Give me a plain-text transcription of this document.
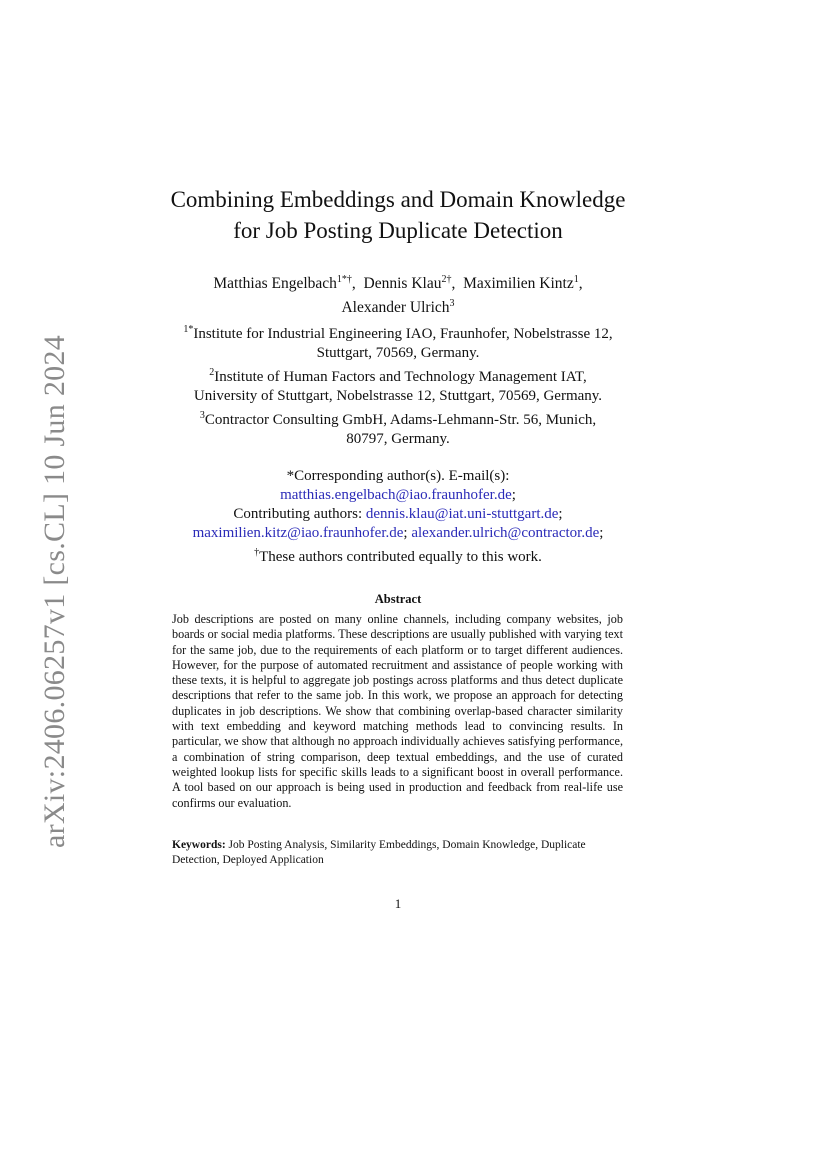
arXiv:2406.06257v1 [cs.CL] 10 Jun 2024
Combining Embeddings and Domain Knowledge
for Job Posting Duplicate Detection
Matthias Engelbach$^{1*\dagger}$,  Dennis Klau$^{2\dagger}$,  Maximilien Kintz$^1$,
Alexander Ulrich$^3$
$^{1*}$Institute for Industrial Engineering IAO, Fraunhofer, Nobelstrasse 12,
Stuttgart, 70569, Germany.
$^2$Institute of Human Factors and Technology Management IAT,
University of Stuttgart, Nobelstrasse 12, Stuttgart, 70569, Germany.
$^3$Contractor Consulting GmbH, Adams-Lehmann-Str. 56, Munich,
80797, Germany.
*Corresponding author(s). E-mail(s):
matthias.engelbach@iao.fraunhofer.de;
Contributing authors: dennis.klau@iat.uni-stuttgart.de;
maximilien.kitz@iao.fraunhofer.de; alexander.ulrich@contractor.de;
†These authors contributed equally to this work.
Abstract
Job descriptions are posted on many online channels, including company websites, job boards or social media platforms. These descriptions are usually published with varying text for the same job, due to the requirements of each platform or to target different audiences. However, for the purpose of automated recruitment and assistance of people working with these texts, it is helpful to aggregate job postings across platforms and thus detect duplicate descriptions that refer to the same job. In this work, we propose an approach for detecting duplicates in job descriptions. We show that combining overlap-based character similarity with text embedding and keyword matching methods lead to convincing results. In particular, we show that although no approach individually achieves satisfying performance, a combination of string comparison, deep textual embeddings, and the use of curated weighted lookup lists for specific skills leads to a significant boost in overall performance. A tool based on our approach is being used in production and feedback from real-life use confirms our evaluation.
Keywords: Job Posting Analysis, Similarity Embeddings, Domain Knowledge, Duplicate Detection, Deployed Application
1
